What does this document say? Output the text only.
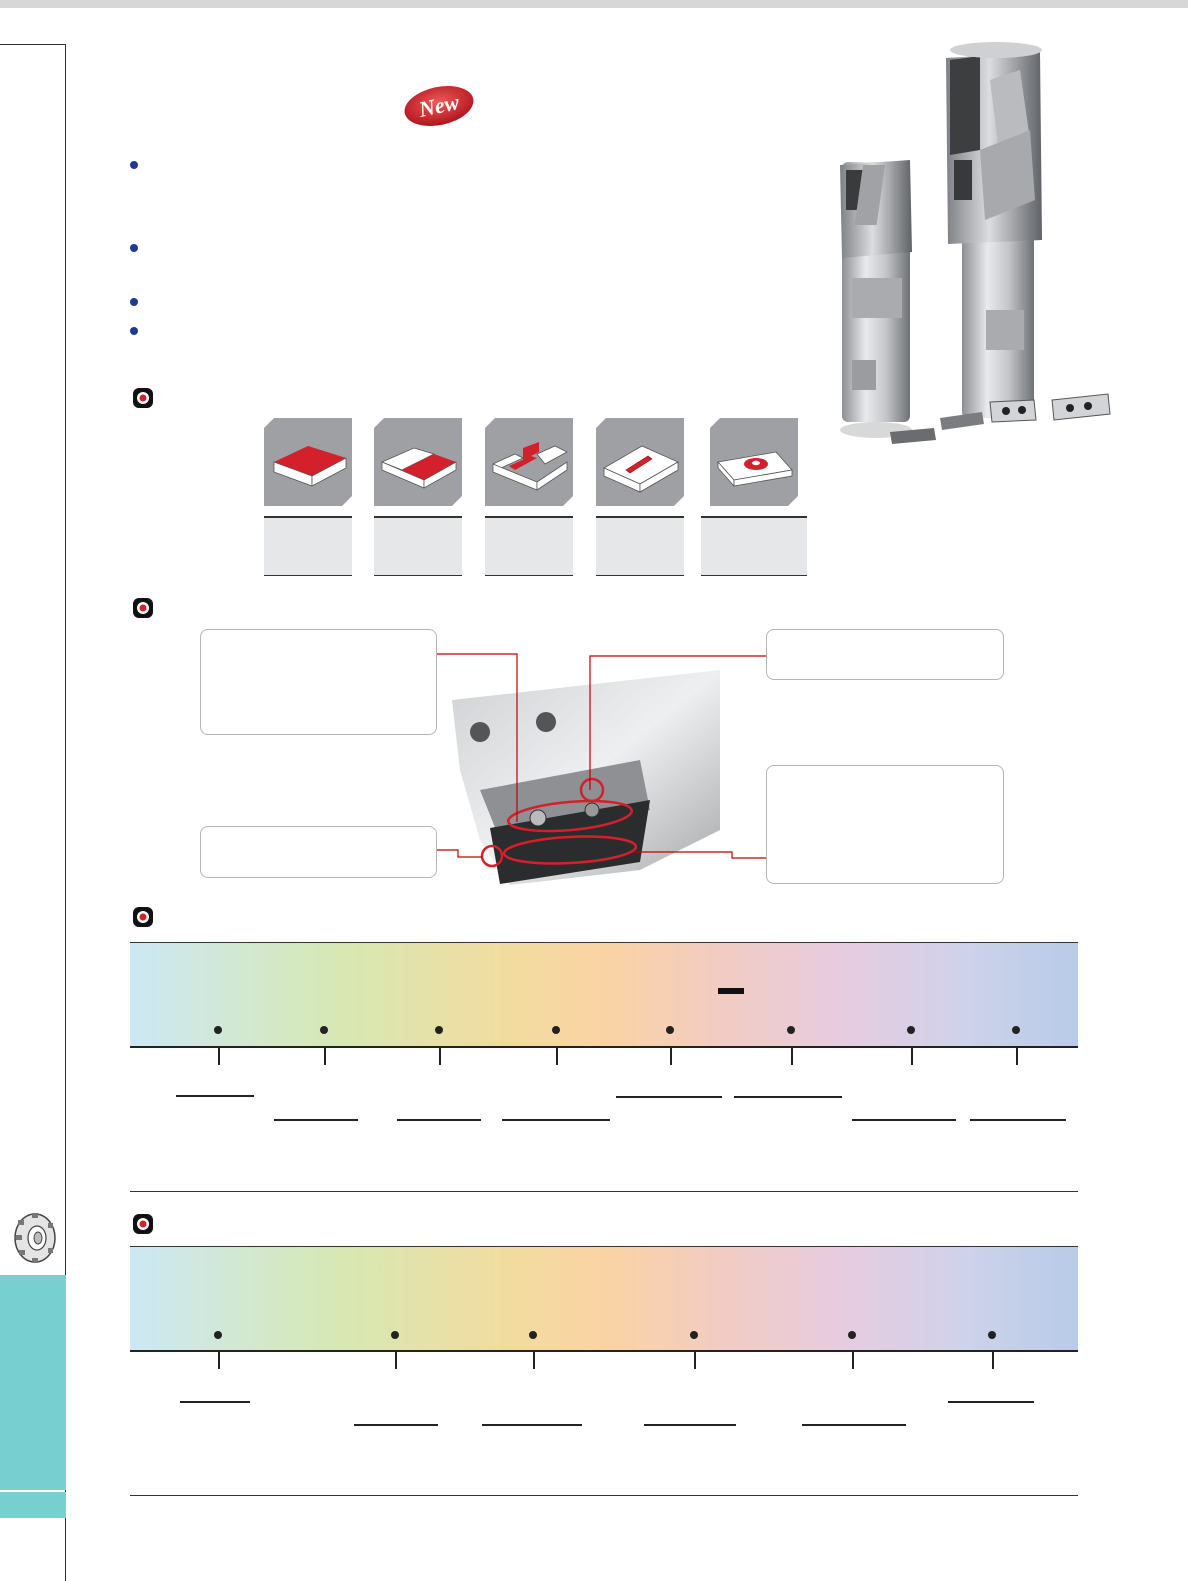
New
